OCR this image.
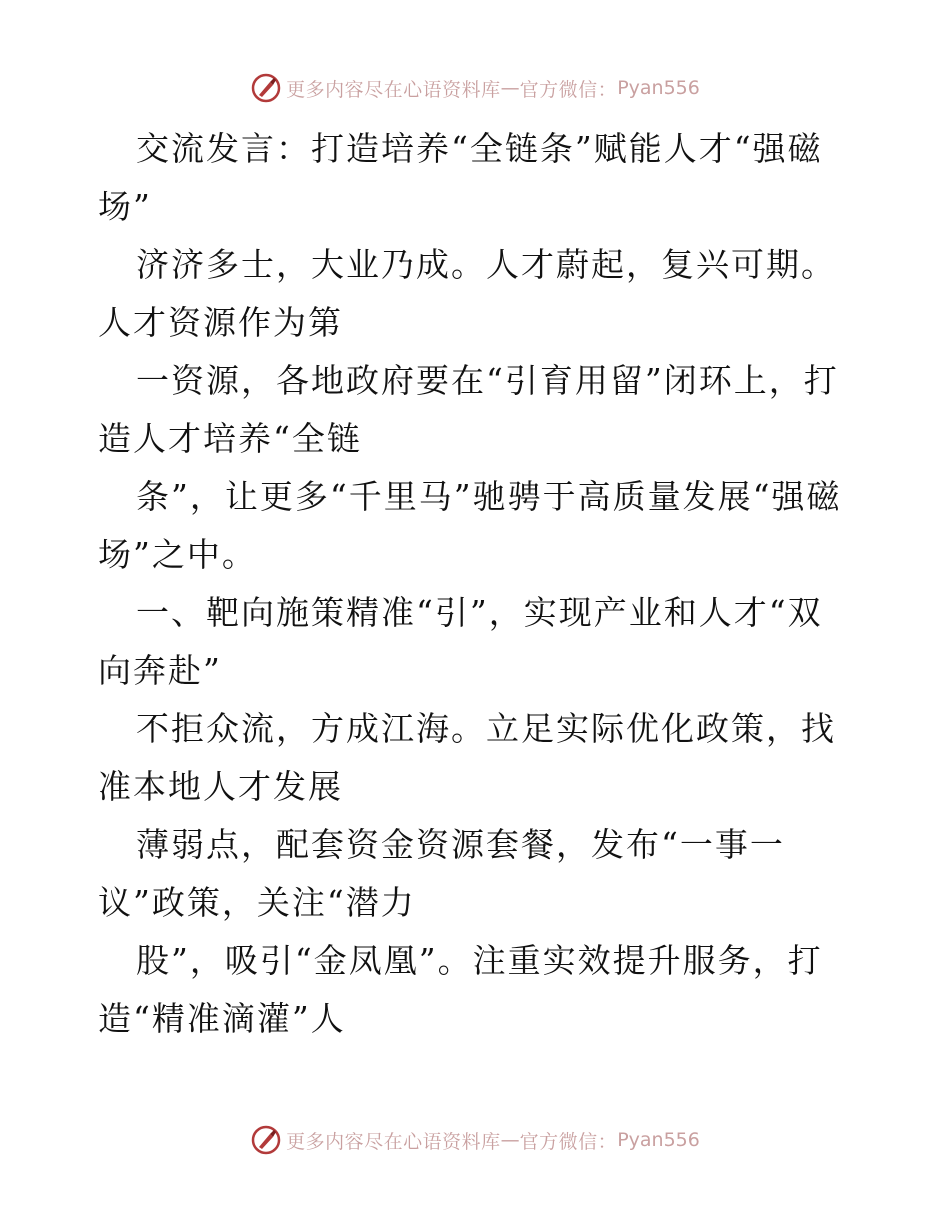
更多内容尽在心语资料库 — 官方微信： Pyan556

交流发言：打造培养“全链条”赋能人才“强磁场”

济济多士，大业乃成。人才蔚起，复兴可期。人才资源作为第

一资源，各地政府要在“引育用留”闭环上，打造人才培养“全链

条”，让更多“千里马”驰骋于高质量发展“强磁场”之中。

一、靶向施策精准“引”，实现产业和人才“双向奔赴”

不拒众流，方成江海。立足实际优化政策，找准本地人才发展

薄弱点，配套资金资源套餐，发布“一事一议”政策，关注“潜力

股”，吸引“金凤凰”。注重实效提升服务，打造“精准滴灌”人

更多内容尽在心语资料库 — 官方微信： Pyan556
